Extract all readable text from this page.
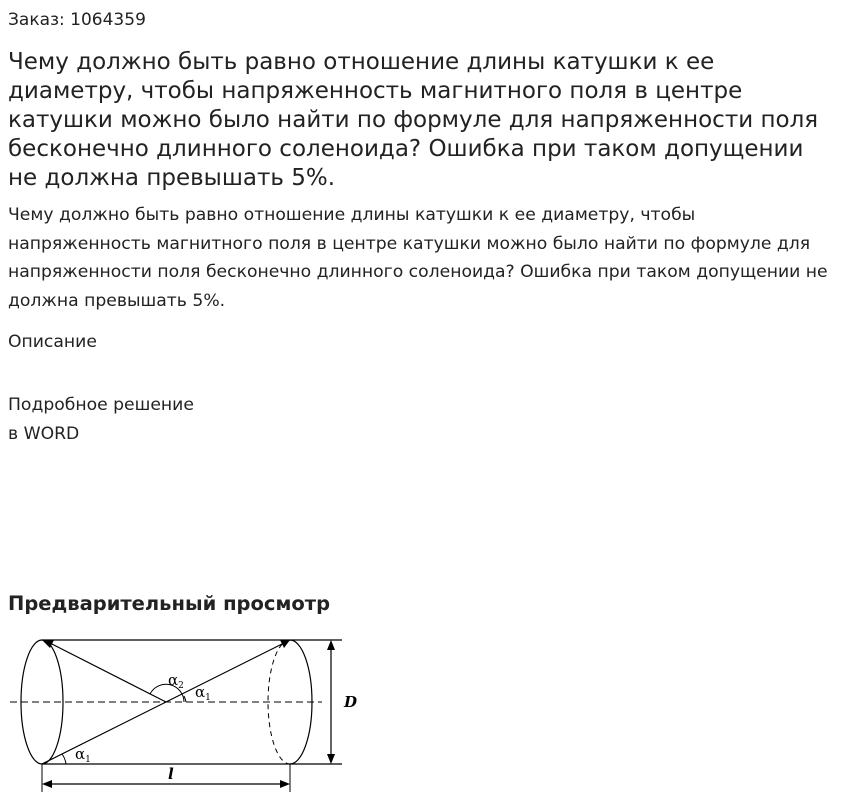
Заказ: 1064359
Чему должно быть равно отношение длины катушки к ее диаметру, чтобы напряженность магнитного поля в центре катушки можно было найти по формуле для напряженности поля бесконечно длинного соленоида? Ошибка при таком допущении не должна превышать 5%.

Чему должно быть равно отношение длины катушки к ее диаметру, чтобы напряженность магнитного поля в центре катушки можно было найти по формуле для напряженности поля бесконечно длинного соленоида? Ошибка при таком допущении не должна превышать 5%.

Описание
Подробное решение
в WORD
Предварительный просмотр
$\alpha_2$ $\alpha_1$
$\alpha_1$
D
l
